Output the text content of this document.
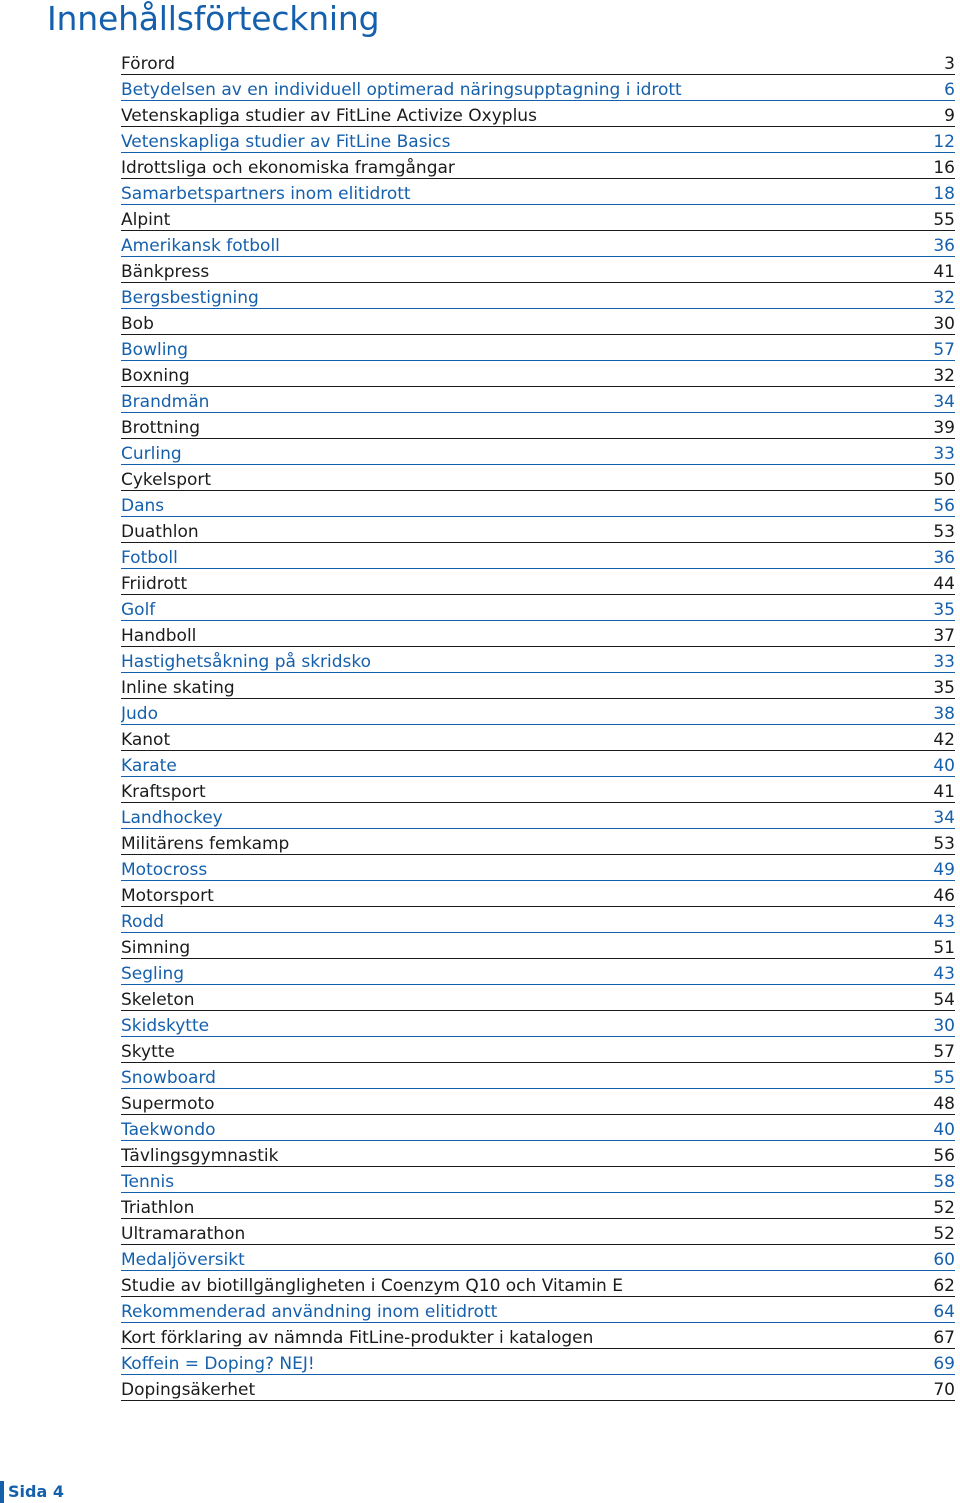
Innehållsförteckning
Förord	3
Betydelsen av en individuell optimerad näringsupptagning i idrott	6
Vetenskapliga studier av FitLine Activize Oxyplus	9
Vetenskapliga studier av FitLine Basics	12
Idrottsliga och ekonomiska framgångar	16
Samarbetspartners inom elitidrott	18
Alpint	55
Amerikansk fotboll	36
Bänkpress	41
Bergsbestigning	32
Bob	30
Bowling	57
Boxning	32
Brandmän	34
Brottning	39
Curling	33
Cykelsport	50
Dans	56
Duathlon	53
Fotboll	36
Friidrott	44
Golf	35
Handboll	37
Hastighetsåkning på skridsko	33
Inline skating	35
Judo	38
Kanot	42
Karate	40
Kraftsport	41
Landhockey	34
Militärens femkamp	53
Motocross	49
Motorsport	46
Rodd	43
Simning	51
Segling	43
Skeleton	54
Skidskytte	30
Skytte	57
Snowboard	55
Supermoto	48
Taekwondo	40
Tävlingsgymnastik	56
Tennis	58
Triathlon	52
Ultramarathon	52
Medaljöversikt	60
Studie av biotillgängligheten i Coenzym Q10 och Vitamin E	62
Rekommenderad användning inom elitidrott	64
Kort förklaring av nämnda FitLine-produkter i katalogen	67
Koffein = Doping? NEJ!	69
Dopingsäkerhet	70
Sida 4
